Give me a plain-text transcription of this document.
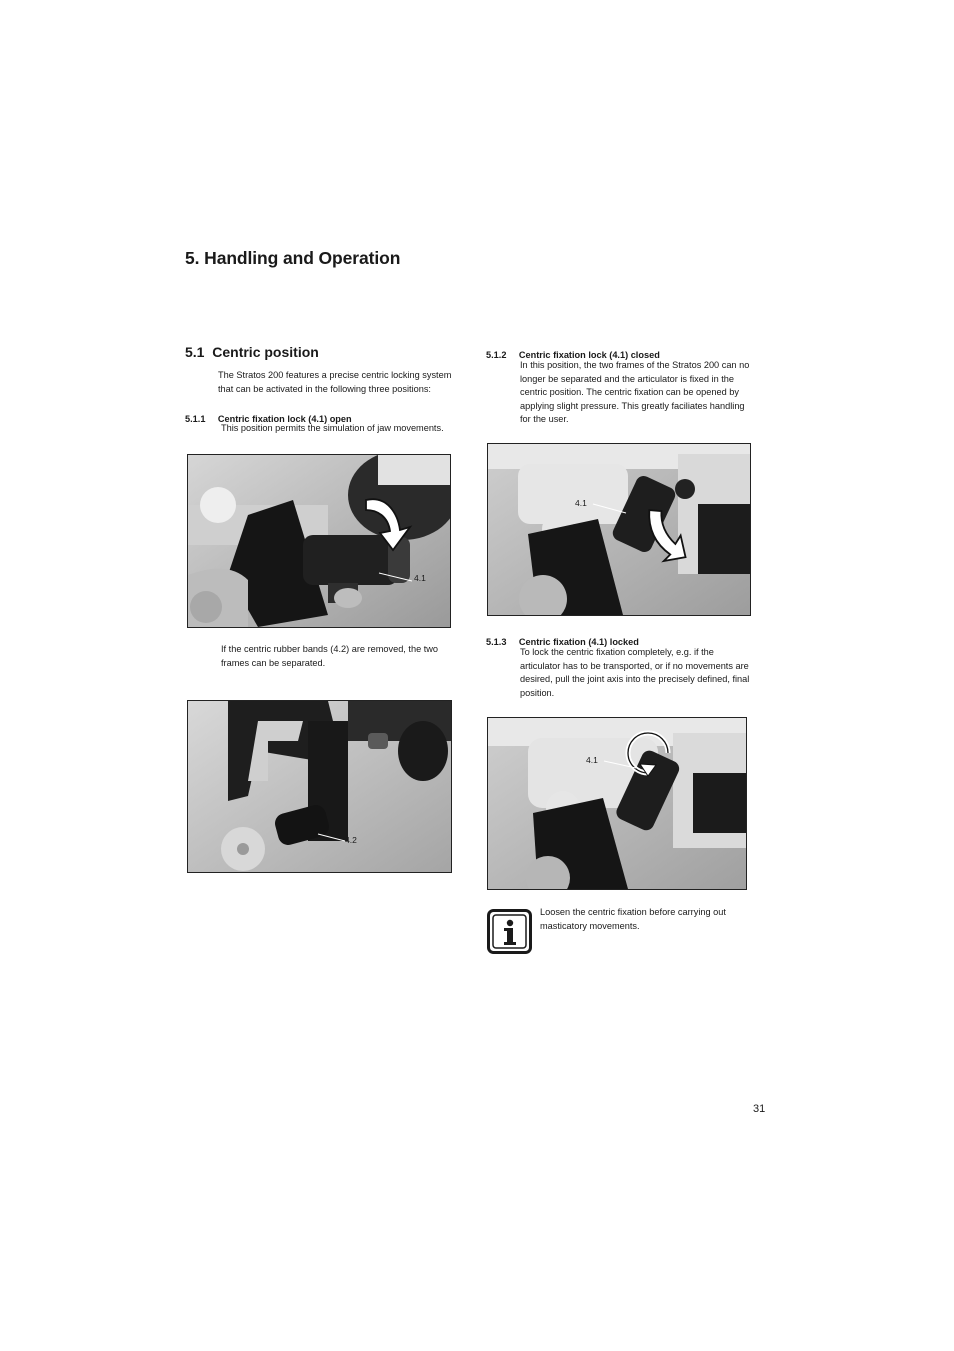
5. Handling and Operation
5.1 Centric position
The Stratos 200 features a precise centric locking system
that can be activated in the following three positions:
5.1.1 Centric fixation lock (4.1) open
This position permits the simulation of jaw movements.
4.1
If the centric rubber bands (4.2) are removed, the two
frames can be separated.
4.2
5.1.2 Centric fixation lock (4.1) closed
In this position, the two frames of the Stratos 200 can no
longer be separated and the articulator is fixed in the
centric position. The centric fixation can be opened by
applying slight pressure. This greatly faciliates handling
for the user.
4.1
5.1.3 Centric fixation (4.1) locked
To lock the centric fixation completely, e.g. if the
articulator has to be transported, or if no movements are
desired, pull the joint axis into the precisely defined, final
position.
4.1
Loosen the centric fixation before carrying out
masticatory movements.
31
